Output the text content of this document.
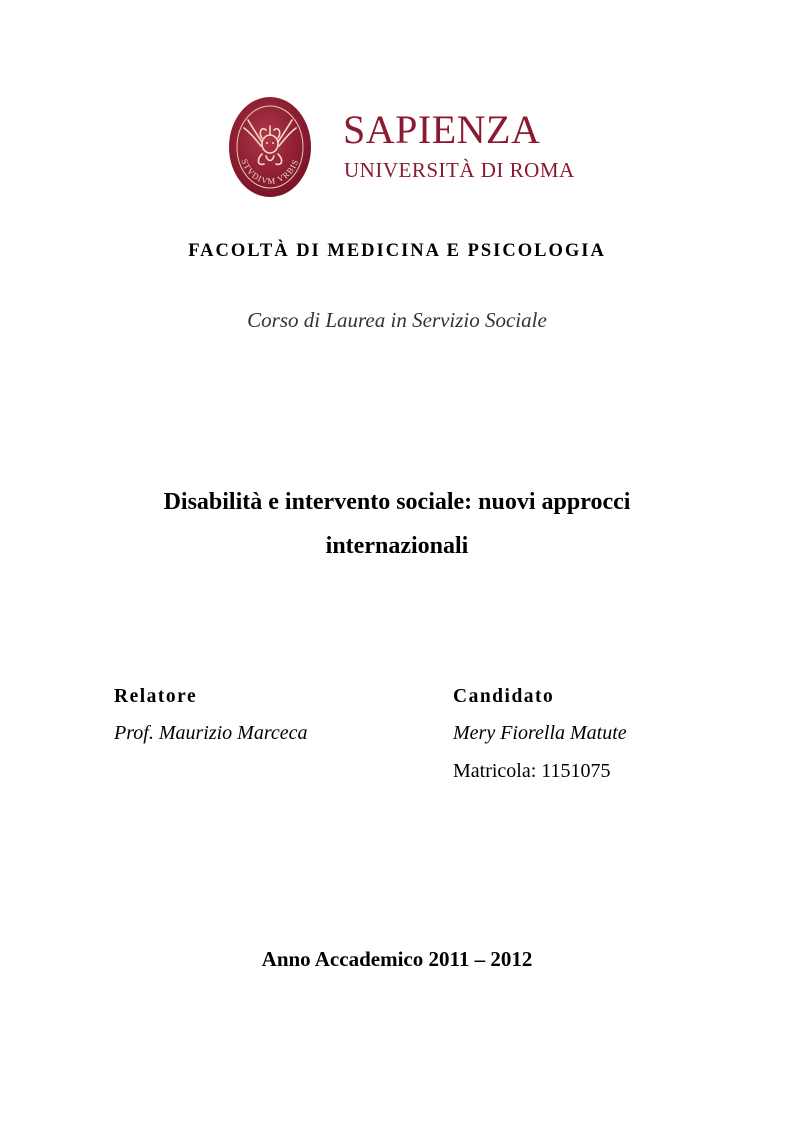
STVDIVM VRBIS
SAPIENZA
UNIVERSITÀ DI ROMA
FACOLTÀ DI MEDICINA E PSICOLOGIA
Corso di Laurea in Servizio Sociale
Disabilità e intervento sociale: nuovi approcci
internazionali
Relatore
Prof. Maurizio Marceca
Candidato
Mery Fiorella Matute
Matricola: 1151075
Anno Accademico 2011 – 2012
